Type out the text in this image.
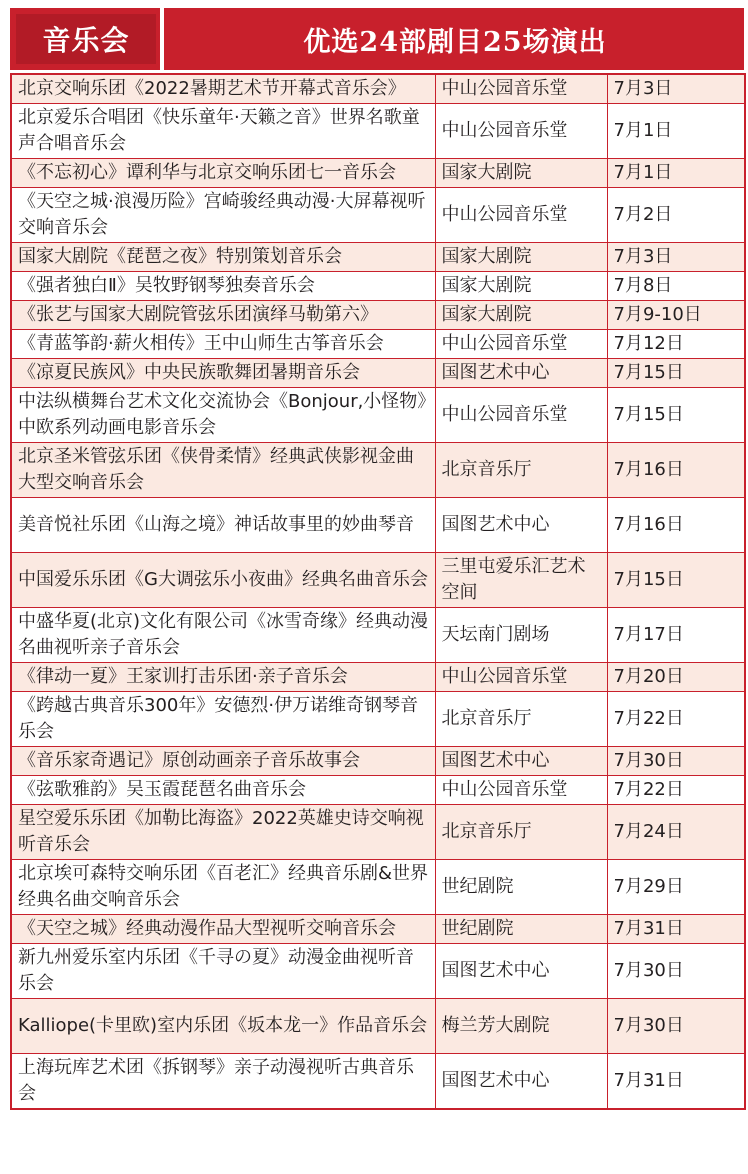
音乐会	优选24部剧目25场演出
北京交响乐团《2022暑期艺术节开幕式音乐会》	中山公园音乐堂	7月3日
北京爱乐合唱团《快乐童年·天籁之音》世界名歌童声合唱音乐会	中山公园音乐堂	7月1日
《不忘初心》谭利华与北京交响乐团七一音乐会	国家大剧院	7月1日
《天空之城·浪漫历险》宫崎骏经典动漫·大屏幕视听交响音乐会	中山公园音乐堂	7月2日
国家大剧院《琵琶之夜》特别策划音乐会	国家大剧院	7月3日
《强者独白Ⅱ》吴牧野钢琴独奏音乐会	国家大剧院	7月8日
《张艺与国家大剧院管弦乐团演绎马勒第六》	国家大剧院	7月9-10日
《青蓝筝韵·薪火相传》王中山师生古筝音乐会	中山公园音乐堂	7月12日
《凉夏民族风》中央民族歌舞团暑期音乐会	国图艺术中心	7月15日
中法纵横舞台艺术文化交流协会《Bonjour,小怪物》中欧系列动画电影音乐会	中山公园音乐堂	7月15日
北京圣米管弦乐团《侠骨柔情》经典武侠影视金曲大型交响音乐会	北京音乐厅	7月16日
美音悦社乐团《山海之境》神话故事里的妙曲琴音	国图艺术中心	7月16日
中国爱乐乐团《G大调弦乐小夜曲》经典名曲音乐会	三里屯爱乐汇艺术空间	7月15日
中盛华夏(北京)文化有限公司《冰雪奇缘》经典动漫名曲视听亲子音乐会	天坛南门剧场	7月17日
《律动一夏》王家训打击乐团·亲子音乐会	中山公园音乐堂	7月20日
《跨越古典音乐300年》安德烈·伊万诺维奇钢琴音乐会	北京音乐厅	7月22日
《音乐家奇遇记》原创动画亲子音乐故事会	国图艺术中心	7月30日
《弦歌雅韵》吴玉霞琵琶名曲音乐会	中山公园音乐堂	7月22日
星空爱乐乐团《加勒比海盗》2022英雄史诗交响视听音乐会	北京音乐厅	7月24日
北京埃可森特交响乐团《百老汇》经典音乐剧&世界经典名曲交响音乐会	世纪剧院	7月29日
《天空之城》经典动漫作品大型视听交响音乐会	世纪剧院	7月31日
新九州爱乐室内乐团《千寻の夏》动漫金曲视听音乐会	国图艺术中心	7月30日
Kalliope(卡里欧)室内乐团《坂本龙一》作品音乐会	梅兰芳大剧院	7月30日
上海玩库艺术团《拆钢琴》亲子动漫视听古典音乐会	国图艺术中心	7月31日
